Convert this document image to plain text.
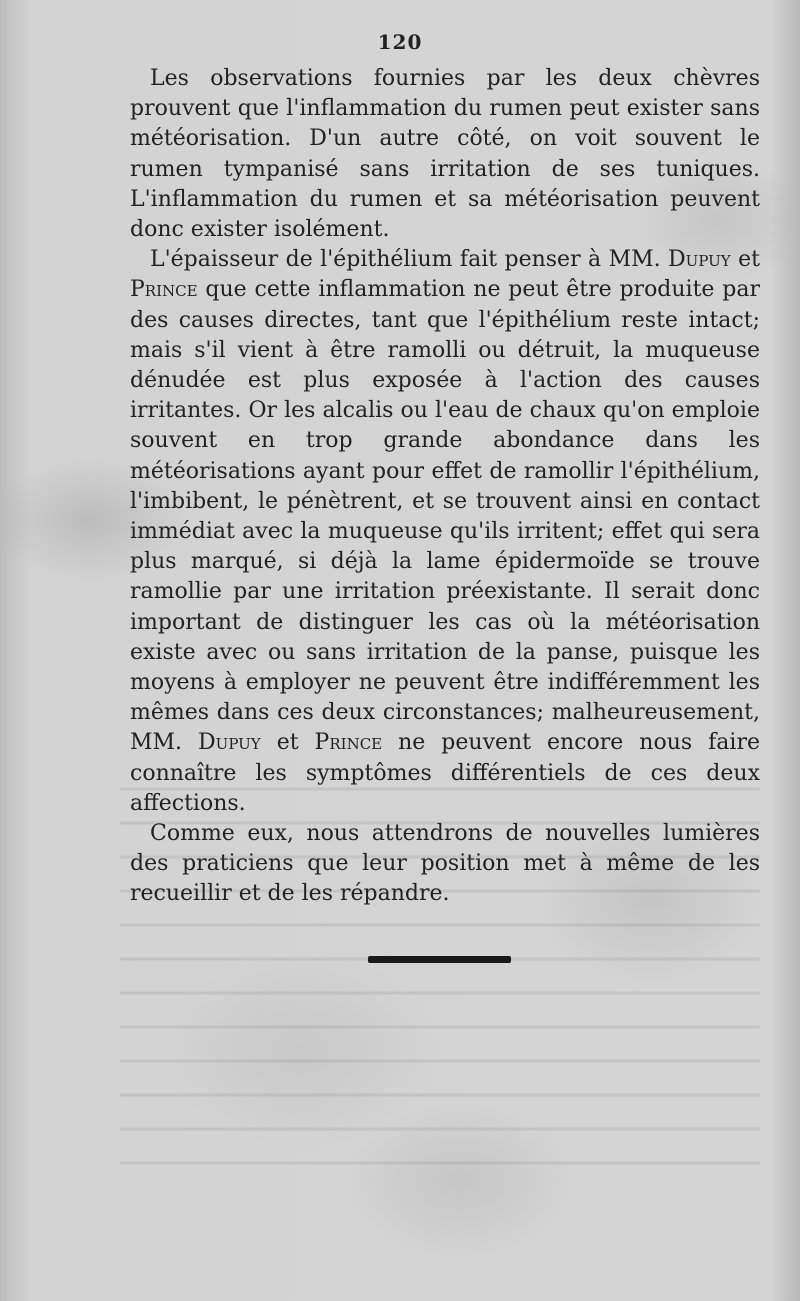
120

Les observations fournies par les deux chèvres prouvent que l'inflammation du rumen peut exister sans météorisation. D'un autre côté, on voit souvent le rumen tympanisé sans irritation de ses tuniques. L'inflammation du rumen et sa météorisation peuvent donc exister isolément.

L'épaisseur de l'épithélium fait penser à MM. Dupuy et Prince que cette inflammation ne peut être produite par des causes directes, tant que l'épithélium reste intact; mais s'il vient à être ramolli ou détruit, la muqueuse dénudée est plus exposée à l'action des causes irritantes. Or les alcalis ou l'eau de chaux qu'on emploie souvent en trop grande abondance dans les météorisations ayant pour effet de ramollir l'épithélium, l'imbibent, le pénètrent, et se trouvent ainsi en contact immédiat avec la muqueuse qu'ils irritent; effet qui sera plus marqué, si déjà la lame épidermoïde se trouve ramollie par une irritation préexistante. Il serait donc important de distinguer les cas où la météorisation existe avec ou sans irritation de la panse, puisque les moyens à employer ne peuvent être indifféremment les mêmes dans ces deux circonstances; malheureusement, MM. Dupuy et Prince ne peuvent encore nous faire connaître les symptômes différentiels de ces deux affections.

Comme eux, nous attendrons de nouvelles lumières des praticiens que leur position met à même de les recueillir et de les répandre.
